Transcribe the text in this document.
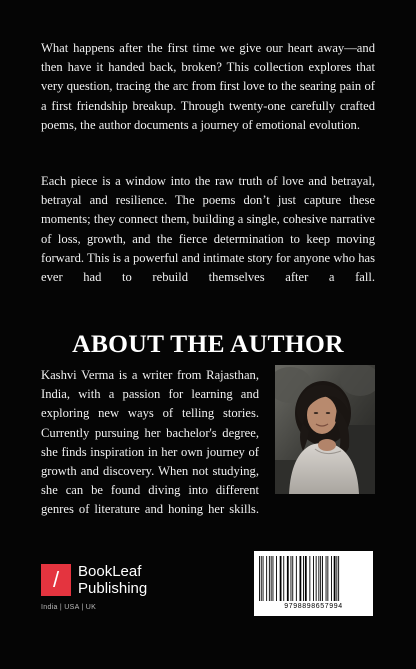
What happens after the first time we give our heart away—and then have it handed back, broken? This collection explores that very question, tracing the arc from first love to the searing pain of a first friendship breakup. Through twenty-one carefully crafted poems, the author documents a journey of emotional evolution.

Each piece is a window into the raw truth of love and betrayal, betrayal and resilience. The poems don’t just capture these moments; they connect them, building a single, cohesive narrative of loss, growth, and the fierce determination to keep moving forward. This is a powerful and intimate story for anyone who has ever had to rebuild themselves after a fall.

ABOUT THE AUTHOR

Kashvi Verma is a writer from Rajasthan, India, with a passion for learning and exploring new ways of telling stories. Currently pursuing her bachelor's degree, she finds inspiration in her own journey of growth and discovery. When not studying, she can be found diving into different genres of literature and honing her skills.

/	BookLeaf
Publishing
India | USA | UK	9798898657994
